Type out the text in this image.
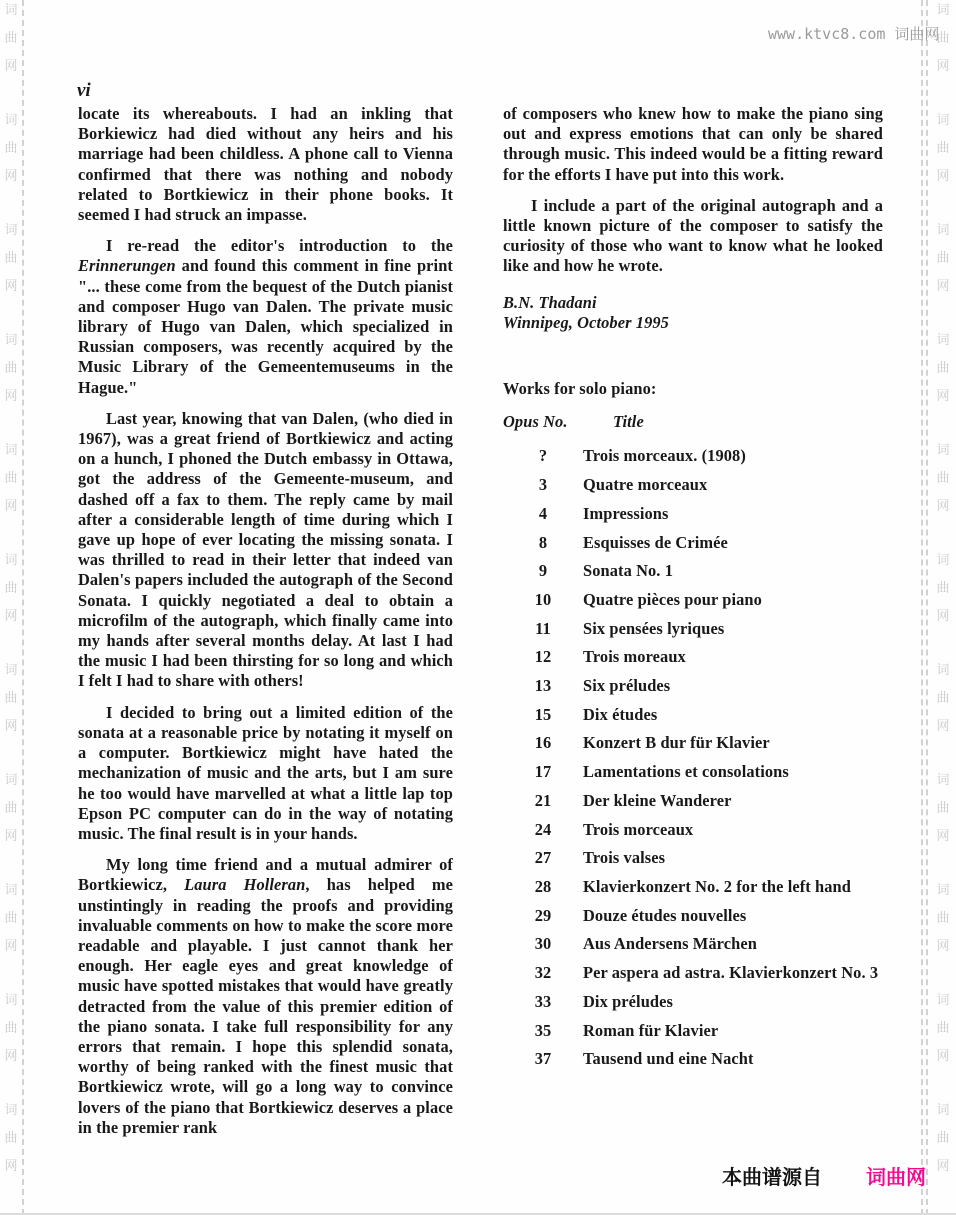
词
曲
网
词
曲
网
词
曲
网
词
曲
网
词
曲
网
词
曲
网
词
曲
网
词
曲
网
词
曲
网
词
曲
网
词
曲
网
词
曲
网
词
曲
网
词
曲
网
词
曲
网
词
曲
网
词
曲
网
词
曲
网
词
曲
网
词
曲
网
词
曲
网
词
曲
网
www.ktvc8.com 词曲网
vi

locate its whereabouts. I had an inkling that Borkiewicz had died without any heirs and his marriage had been childless. A phone call to Vienna confirmed that there was nothing and nobody related to Bortkiewicz in their phone books. It seemed I had struck an impasse.

I re-read the editor's introduction to the Erinnerungen and found this comment in fine print "... these come from the bequest of the Dutch pianist and composer Hugo van Dalen. The private music library of Hugo van Dalen, which specialized in Russian composers, was recently acquired by the Music Library of the Gemeentemuseums in the Hague."

Last year, knowing that van Dalen, (who died in 1967), was a great friend of Bortkiewicz and acting on a hunch, I phoned the Dutch embassy in Ottawa, got the address of the Gemeente-museum, and dashed off a fax to them. The reply came by mail after a considerable length of time during which I gave up hope of ever locating the missing sonata. I was thrilled to read in their letter that indeed van Dalen's papers included the autograph of the Second Sonata. I quickly negotiated a deal to obtain a microfilm of the autograph, which finally came into my hands after several months delay. At last I had the music I had been thirsting for so long and which I felt I had to share with others!

I decided to bring out a limited edition of the sonata at a reasonable price by notating it myself on a computer. Bortkiewicz might have hated the mechanization of music and the arts, but I am sure he too would have marvelled at what a little lap top Epson PC computer can do in the way of notating music. The final result is in your hands.

My long time friend and a mutual admirer of Bortkiewicz, Laura Holleran, has helped me unstintingly in reading the proofs and providing invaluable comments on how to make the score more readable and playable. I just cannot thank her enough. Her eagle eyes and great knowledge of music have spotted mistakes that would have greatly detracted from the value of this premier edition of the piano sonata. I take full responsibility for any errors that remain. I hope this splendid sonata, worthy of being ranked with the finest music that Bortkiewicz wrote, will go a long way to convince lovers of the piano that Bortkiewicz deserves a place in the premier rank

of composers who knew how to make the piano sing out and express emotions that can only be shared through music. This indeed would be a fitting reward for the efforts I have put into this work.

I include a part of the original autograph and a little known picture of the composer to satisfy the curiosity of those who want to know what he looked like and how he wrote.

B.N. Thadani
Winnipeg, October 1995
Works for solo piano:
Opus No.	Title
?	Trois morceaux. (1908)
3	Quatre morceaux
4	Impressions
8	Esquisses de Crimée
9	Sonata No. 1
10	Quatre pièces pour piano
11	Six pensées lyriques
12	Trois moreaux
13	Six préludes
15	Dix études
16	Konzert B dur für Klavier
17	Lamentations et consolations
21	Der kleine Wanderer
24	Trois morceaux
27	Trois valses
28	Klavierkonzert No. 2 for the left hand
29	Douze études nouvelles
30	Aus Andersens Märchen
32	Per aspera ad astra. Klavierkonzert No. 3
33	Dix préludes
35	Roman für Klavier
37	Tausend und eine Nacht
本曲谱源自 词曲网
